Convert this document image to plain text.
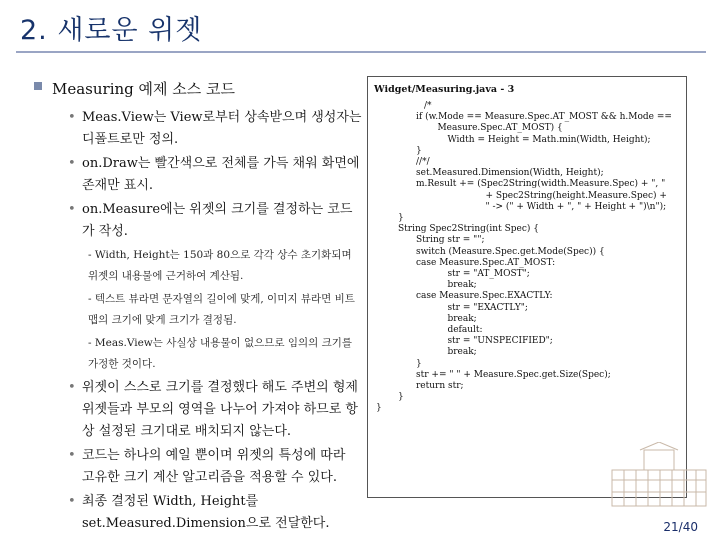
2. 새로운 위젯
Measuring 예제 소스 코드
• Meas.View는 View로부터 상속받으며 생성자는 디폴트로만 정의.
• on.Draw는 빨간색으로 전체를 가득 채워 화면에 존재만 표시.
• on.Measure에는 위젯의 크기를 결정하는 코드가 작성.
- Width, Height는 150과 80으로 각각 상수 초기화되며 위젯의 내용물에 근거하여 계산됨.
- 텍스트 뷰라면 문자열의 길이에 맞게, 이미지 뷰라면 비트맵의 크기에 맞게 크기가 결정됨.
- Meas.View는 사실상 내용물이 없으므로 임의의 크기를 가정한 것이다.
• 위젯이 스스로 크기를 결정했다 해도 주변의 형제 위젯들과 부모의 영역을 나누어 가져야 하므로 항상 설정된 크기대로 배치되지 않는다.
• 코드는 하나의 예일 뿐이며 위젯의 특성에 따라 고유한 크기 계산 알고리즘을 적용할 수 있다.
• 최종 결정된 Width, Height를 set.Measured.Dimension으로 전달한다.
Widget/Measuring.java - 3
/*
if (w.Mode == Measure.Spec.AT_MOST && h.Mode ==
Measure.Spec.AT_MOST) {
Width = Height = Math.min(Width, Height);
}
//*/
set.Measured.Dimension(Width, Height);
m.Result += (Spec2String(width.Measure.Spec) + ", "
+ Spec2String(height.Measure.Spec) +
" -> (" + Width + ", " + Height + ")\n");
}
String Spec2String(int Spec) {
String str = "";
switch (Measure.Spec.get.Mode(Spec)) {
case Measure.Spec.AT_MOST:
str = "AT_MOST";
break;
case Measure.Spec.EXACTLY:
str = "EXACTLY";
break;
default:
str = "UNSPECIFIED";
break;
}
str += " " + Measure.Spec.get.Size(Spec);
return str;
}
}
21/40
